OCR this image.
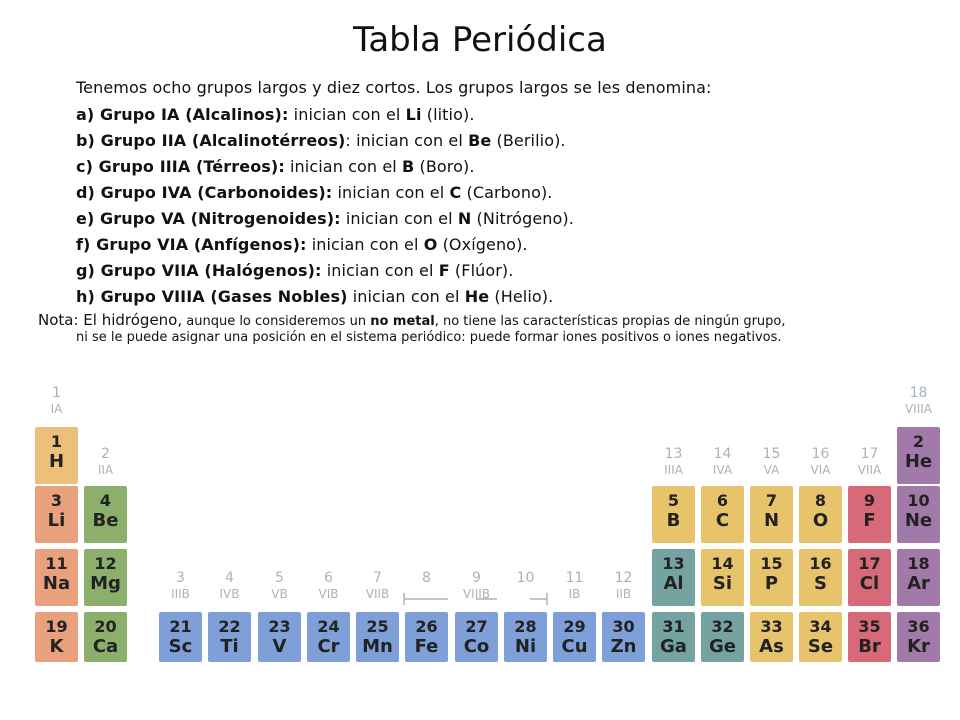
Tabla Periódica
Tenemos ocho grupos largos y diez cortos. Los grupos largos se les denomina:
a) Grupo IA (Alcalinos): inician con el Li (litio).
b) Grupo IIA (Alcalinotérreos): inician con el Be (Berilio).
c) Grupo IIIA (Térreos): inician con el B (Boro).
d) Grupo IVA (Carbonoides): inician con el C (Carbono).
e) Grupo VA (Nitrogenoides): inician con el N (Nitrógeno).
f) Grupo VIA (Anfígenos): inician con el O (Oxígeno).
g) Grupo VIIA (Halógenos): inician con el F (Flúor).
h) Grupo VIIIA (Gases Nobles) inician con el He (Helio).
Nota: El hidrógeno, aunque lo consideremos un no metal, no tiene las características propias de ningún grupo,
ni se le puede asignar una posición en el sistema periódico: puede formar iones positivos o iones negativos.
1
IA
2
IIA
3
IIIB
4
IVB
5
VB
6
VIB
7
VIIB
8	9
VIIIB
10	11
IB
12
IIB
13
IIIA
14
IVA
15
VA
16
VIA
17
VIIA
18
VIIIA
1
H
2
He
3
Li
4
Be
5
B
6
C
7
N
8
O
9
F
10
Ne
11
Na
12
Mg
13
Al
14
Si
15
P
16
S
17
Cl
18
Ar
19
K
20
Ca
21
Sc
22
Ti
23
V
24
Cr
25
Mn
26
Fe
27
Co
28
Ni
29
Cu
30
Zn
31
Ga
32
Ge
33
As
34
Se
35
Br
36
Kr
